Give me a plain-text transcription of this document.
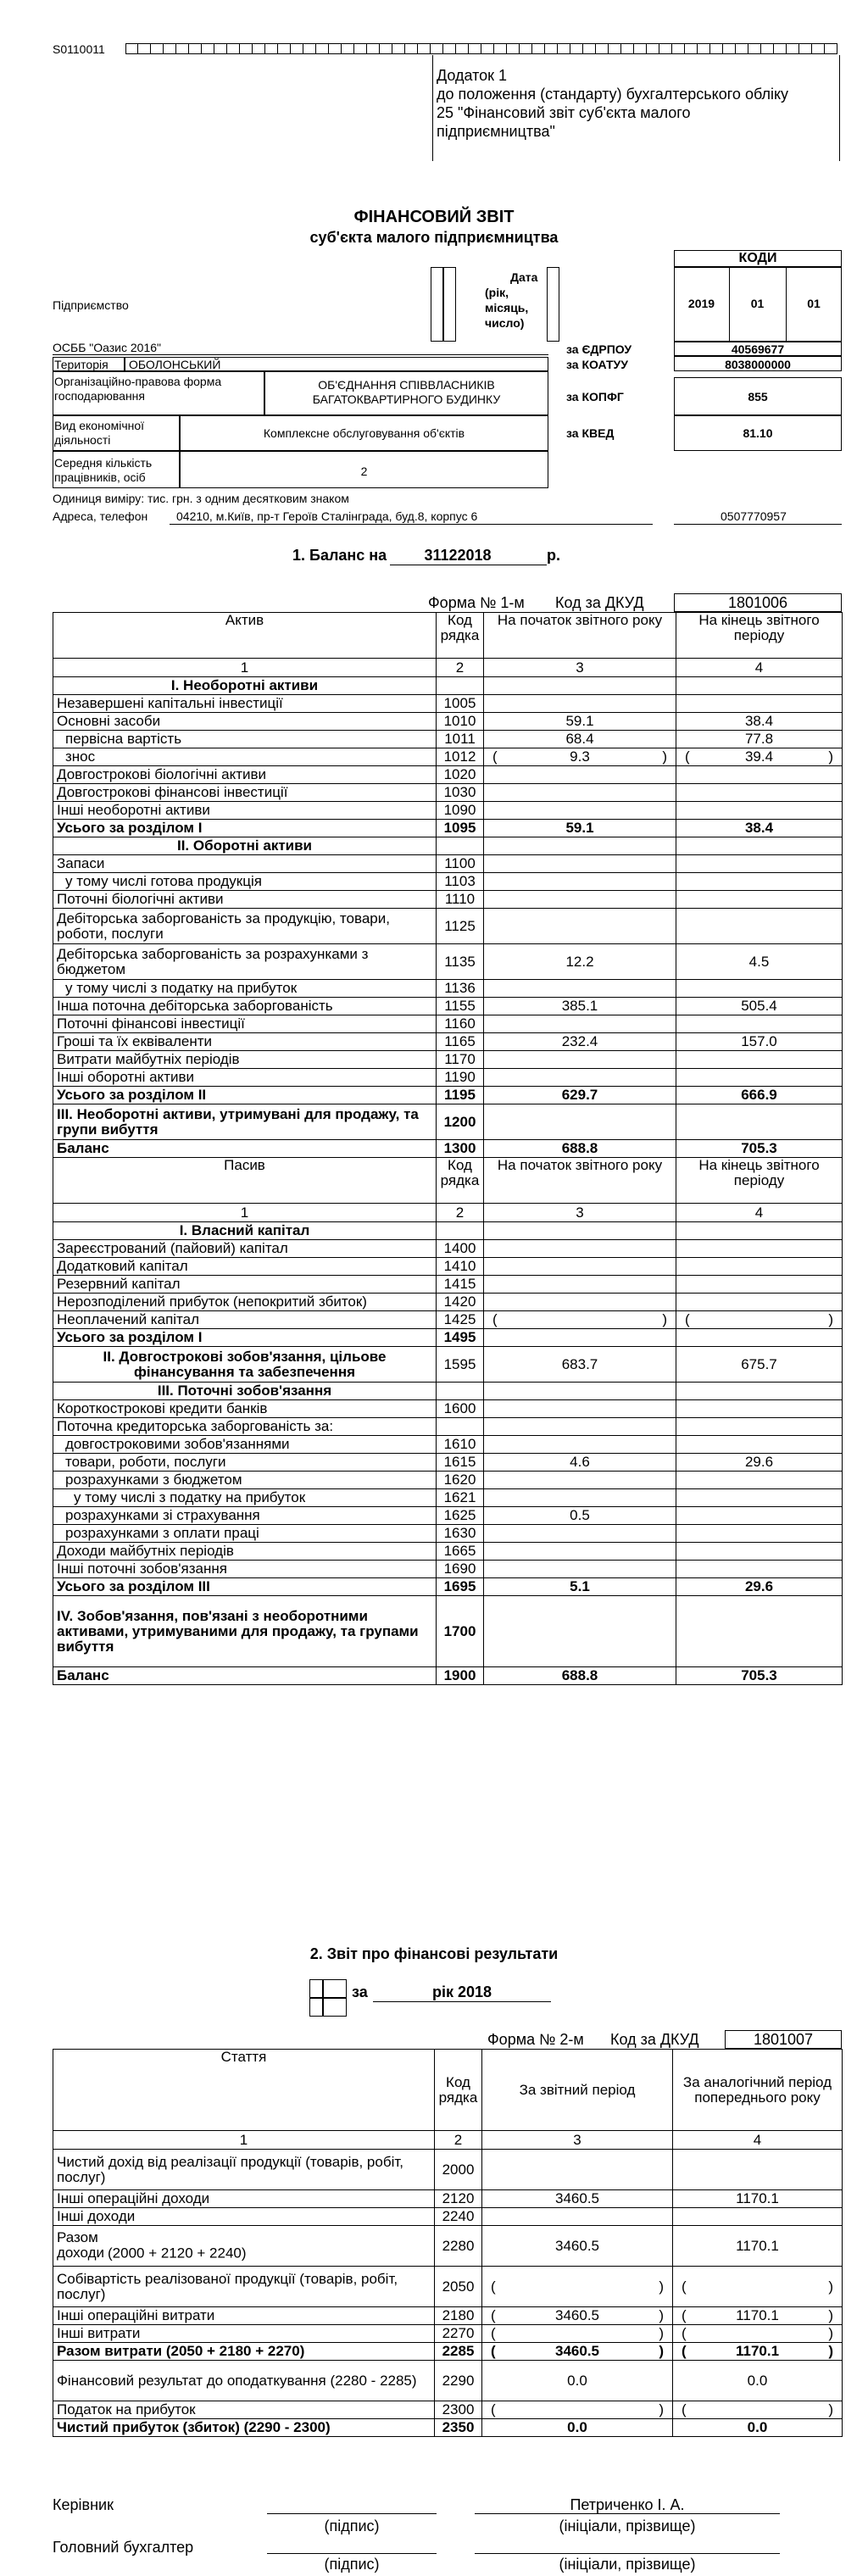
S0110011
Додаток 1
до положення (стандарту) бухгалтерського обліку
25 "Фінансовий звіт суб'єкта малого
підприємництва"
ФІНАНСОВИЙ ЗВІТ
суб'єкта малого підприємництва
КОДИ
2019	01	01
Дата
(рік,
місяць,
число)
Підприємство
ОСББ "Оазис 2016"	за ЄДРПОУ	40569677
Територія ОБОЛОНСЬКИЙ	за КОАТУУ	8038000000
Організаційно-правова форма
господарювання
ОБ'ЄДНАННЯ СПІВВЛАСНИКІВ
БАГАТОКВАРТИРНОГО БУДИНКУ	за КОПФГ	855
Вид економічної
діяльності	Комплексне обслуговування об'єктів	за КВЕД	81.10
Середня кількість
працівників, осіб	2
Одиниця виміру: тис. грн. з одним десятковим знаком
Адреса, телефон 04210, м.Київ, пр-т Героїв Сталінграда, буд.8, корпус 6	0507770957
1. Баланс на	31122018	р.
Форма № 1-м Код за ДКУД	1801006
Актив	Код рядка	На початок звітного року	На кінець звітного періоду
1	2	3	4
I. Необоротні активи			
Незавершені капітальні інвестиції	1005		
Основні засоби	1010	59.1	38.4
первісна вартість	1011	68.4	77.8
знос	1012	( 9.3 )	( 39.4 )

Довгострокові біологічні активи	1020		
Довгострокові фінансові інвестиції	1030		
Інші необоротні активи	1090		
Усього за розділом I	1095	59.1	38.4
II. Оборотні активи			
Запаси	1100		
у тому числі готова продукція	1103		
Поточні біологічні активи	1110		
Дебіторська заборгованість за продукцію, товари, роботи, послуги	1125		
Дебіторська заборгованість за розрахунками з бюджетом	1135	12.2	4.5
у тому числі з податку на прибуток	1136		
Інша поточна дебіторська заборгованість	1155	385.1	505.4
Поточні фінансові інвестиції	1160		
Гроші та їх еквіваленти	1165	232.4	157.0
Витрати майбутніх періодів	1170		
Інші оборотні активи	1190		
Усього за розділом II	1195	629.7	666.9
III. Необоротні активи, утримувані для продажу, та групи вибуття	1200		
Баланс	1300	688.8	705.3
Пасив	Код рядка	На початок звітного року	На кінець звітного періоду
1	2	3	4
I. Власний капітал			
Зареєстрований (пайовий) капітал	1400		
Додатковий капітал	1410		
Резервний капітал	1415		
Нерозподілений прибуток (непокритий збиток)	1420		
Неоплачений капітал	1425	( )	( )

Усього за розділом I	1495		
II. Довгострокові зобов'язання, цільове фінансування та забезпечення	1595	683.7	675.7
III. Поточні зобов'язання			
Короткострокові кредити банків	1600		
Поточна кредиторська заборгованість за:			
довгостроковими зобов'язаннями	1610		
товари, роботи, послуги	1615	4.6	29.6
розрахунками з бюджетом	1620		
у тому числі з податку на прибуток	1621		
розрахунками зі страхування	1625	0.5	
розрахунками з оплати праці	1630		
Доходи майбутніх періодів	1665		
Інші поточні зобов'язання	1690		
Усього за розділом III	1695	5.1	29.6
IV. Зобов'язання, пов'язані з необоротними активами, утримуваними для продажу, та групами вибуття	1700		
Баланс	1900	688.8	705.3
2. Звіт про фінансові результати
за	рік 2018
Форма № 2-м Код за ДКУД	1801007
Стаття	Код рядка	За звітний період	За аналогічний період попереднього року
1	2	3	4
Чистий дохід від реалізації продукції (товарів, робіт, послуг)	2000		
Інші операційні доходи	2120	3460.5	1170.1
Інші доходи	2240		
Разом доходи (2000 + 2120 + 2240)	2280	3460.5	1170.1
Собівартість реалізованої продукції (товарів, робіт, послуг)	2050	( )	( )

Інші операційні витрати	2180	( 3460.5 )	( 1170.1 )

Інші витрати	2270	( )	( )

Разом витрати (2050 + 2180 + 2270)	2285	( 3460.5 )	( 1170.1 )

Фінансовий результат до оподаткування (2280 - 2285)	2290	0.0	0.0
Податок на прибуток	2300	( )	( )

Чистий прибуток (збиток) (2290 - 2300)	2350	0.0	0.0
Керівник	Петриченко І. А.
(підпис)	(ініціали, прізвище)
Головний бухгалтер
(підпис)	(ініціали, прізвище)
